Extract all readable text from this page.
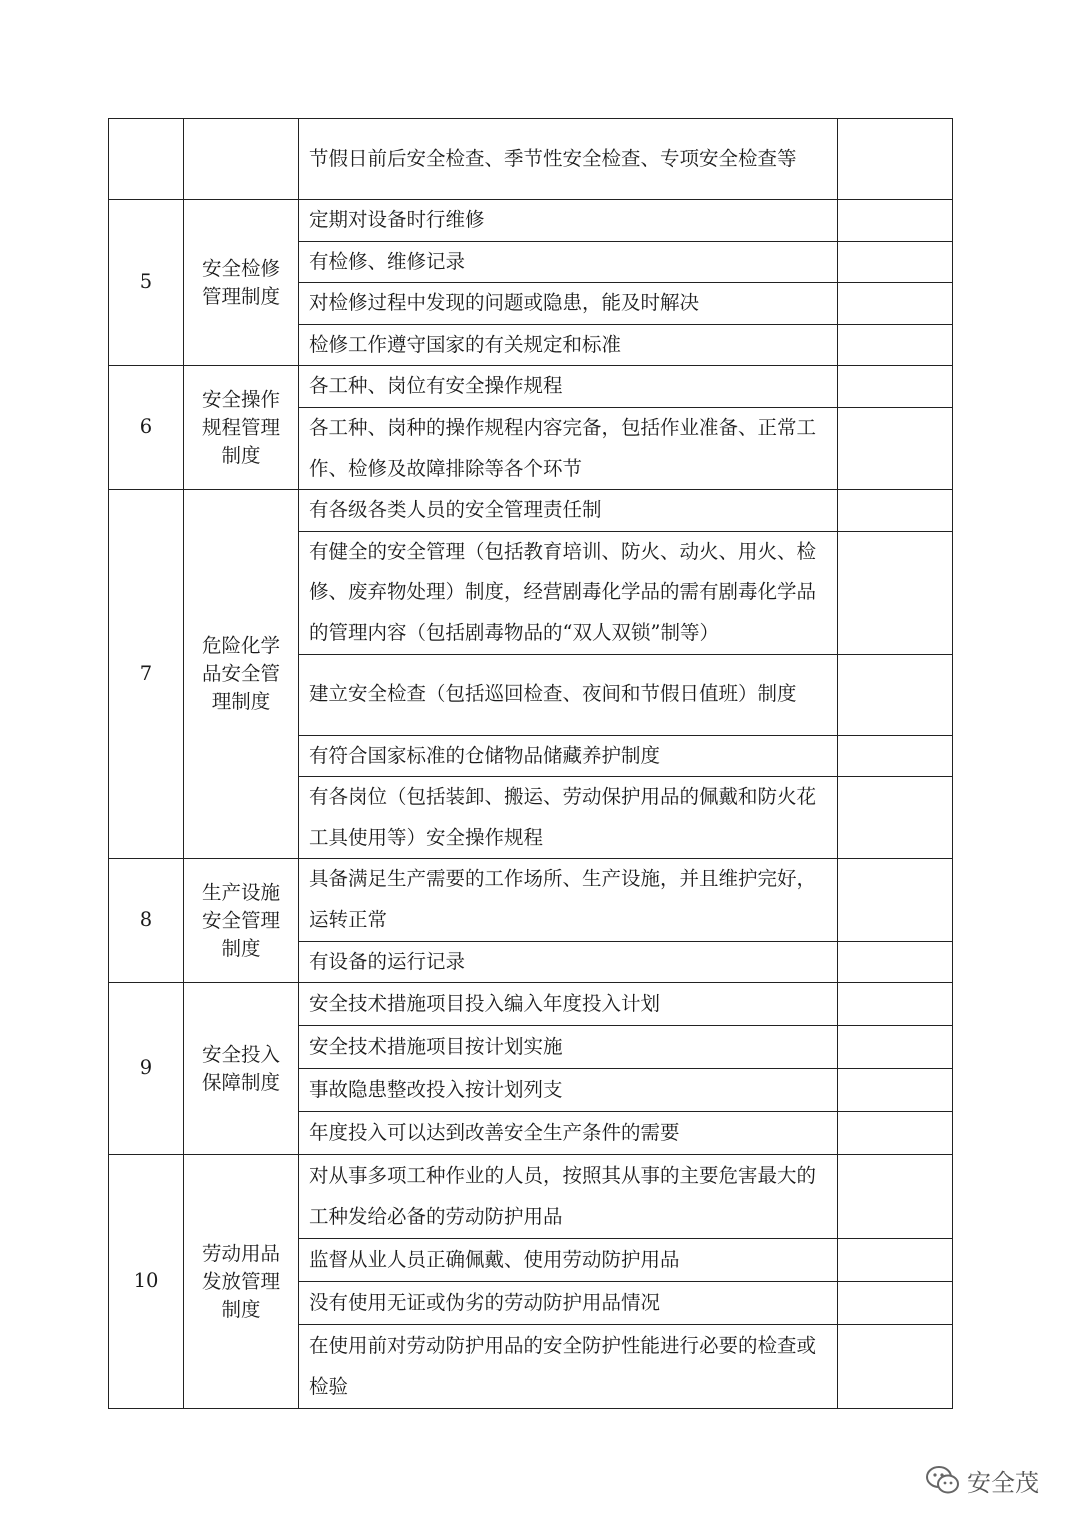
		节假日前后安全检查、季节性安全检查、专项安全检查等	
5	安全检修管理制度	定期对设备时行维修	
		有检修、维修记录	
		对检修过程中发现的问题或隐患，能及时解决	
		检修工作遵守国家的有关规定和标准	
6	安全操作规程管理制度	各工种、岗位有安全操作规程	
		各工种、岗种的操作规程内容完备，包括作业准备、正常工作、检修及故障排除等各个环节	
7	危险化学品安全管理制度	有各级各类人员的安全管理责任制	
		有健全的安全管理（包括教育培训、防火、动火、用火、检修、废弃物处理）制度，经营剧毒化学品的需有剧毒化学品的管理内容（包括剧毒物品的“双人双锁”制等）	
		建立安全检查（包括巡回检查、夜间和节假日值班）制度	
		有符合国家标准的仓储物品储藏养护制度	
		有各岗位（包括装卸、搬运、劳动保护用品的佩戴和防火花工具使用等）安全操作规程	
8	生产设施安全管理制度	具备满足生产需要的工作场所、生产设施，并且维护完好，运转正常	
		有设备的运行记录	
9	安全投入保障制度	安全技术措施项目投入编入年度投入计划	
		安全技术措施项目按计划实施	
		事故隐患整改投入按计划列支	
		年度投入可以达到改善安全生产条件的需要	
10	劳动用品发放管理制度	对从事多项工种作业的人员，按照其从事的主要危害最大的工种发给必备的劳动防护用品	
		监督从业人员正确佩戴、使用劳动防护用品	
		没有使用无证或伪劣的劳动防护用品情况	
		在使用前对劳动防护用品的安全防护性能进行必要的检查或检验	
安全茂
